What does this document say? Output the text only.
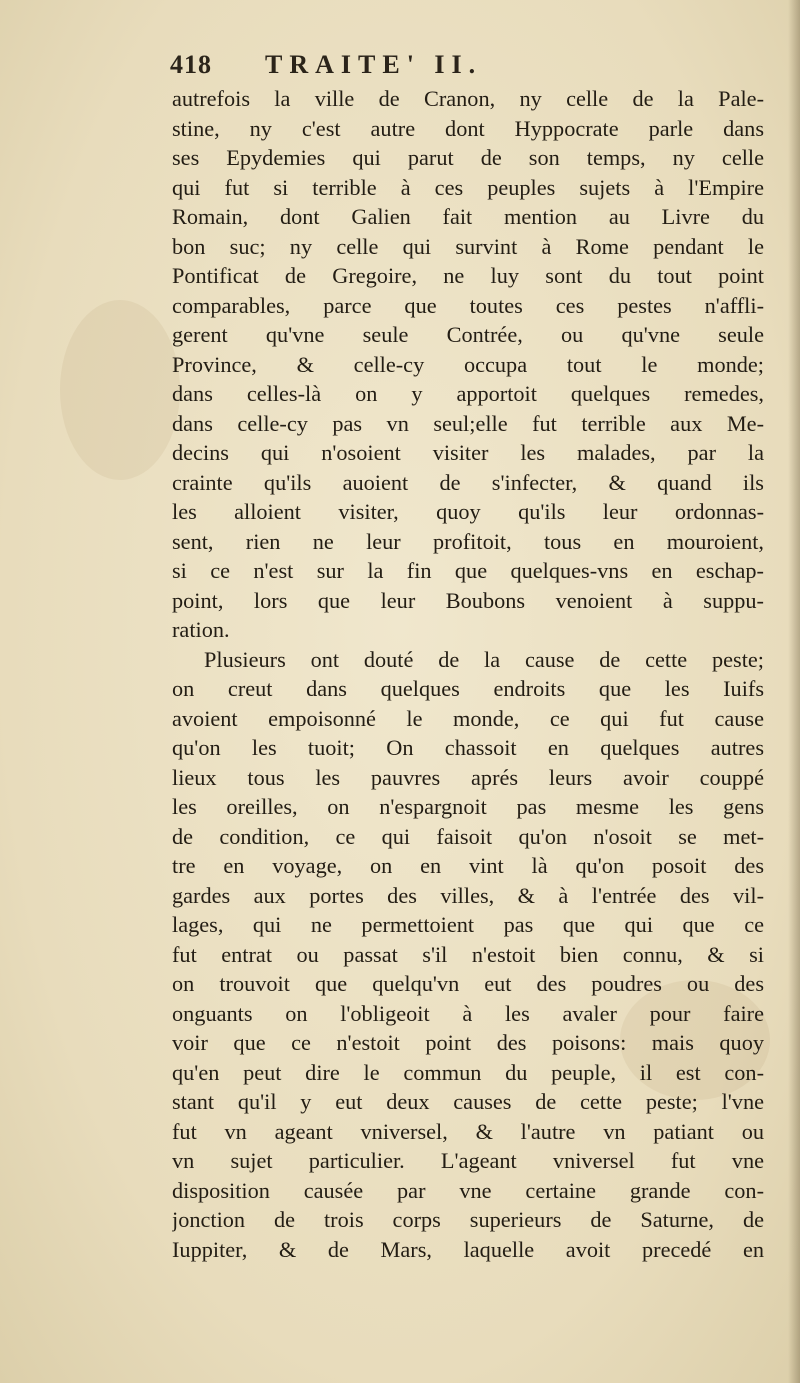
418 TRAITE' II.
autrefois la ville de Cranon, ny celle de la Pale-
stine, ny c'est autre dont Hyppocrate parle dans
ses Epydemies qui parut de son temps, ny celle
qui fut si terrible à ces peuples sujets à l'Empire
Romain, dont Galien fait mention au Livre du
bon suc; ny celle qui survint à Rome pendant le
Pontificat de Gregoire, ne luy sont du tout point
comparables, parce que toutes ces pestes n'affli-
gerent qu'vne seule Contrée, ou qu'vne seule
Province, & celle-cy occupa tout le monde;
dans celles-là on y apportoit quelques remedes,
dans celle-cy pas vn seul;elle fut terrible aux Me-
decins qui n'osoient visiter les malades, par la
crainte qu'ils auoient de s'infecter, & quand ils
les alloient visiter, quoy qu'ils leur ordonnas-
sent, rien ne leur profitoit, tous en mouroient,
si ce n'est sur la fin que quelques-vns en eschap-
point, lors que leur Boubons venoient à suppu-
ration.
Plusieurs ont douté de la cause de cette peste;
on creut dans quelques endroits que les Iuifs
avoient empoisonné le monde, ce qui fut cause
qu'on les tuoit; On chassoit en quelques autres
lieux tous les pauvres aprés leurs avoir couppé
les oreilles, on n'espargnoit pas mesme les gens
de condition, ce qui faisoit qu'on n'osoit se met-
tre en voyage, on en vint là qu'on posoit des
gardes aux portes des villes, & à l'entrée des vil-
lages, qui ne permettoient pas que qui que ce
fut entrat ou passat s'il n'estoit bien connu, & si
on trouvoit que quelqu'vn eut des poudres ou des
onguants on l'obligeoit à les avaler pour faire
voir que ce n'estoit point des poisons: mais quoy
qu'en peut dire le commun du peuple, il est con-
stant qu'il y eut deux causes de cette peste; l'vne
fut vn ageant vniversel, & l'autre vn patiant ou
vn sujet particulier. L'ageant vniversel fut vne
disposition causée par vne certaine grande con-
jonction de trois corps superieurs de Saturne, de
Iuppiter, & de Mars, laquelle avoit precedé en
